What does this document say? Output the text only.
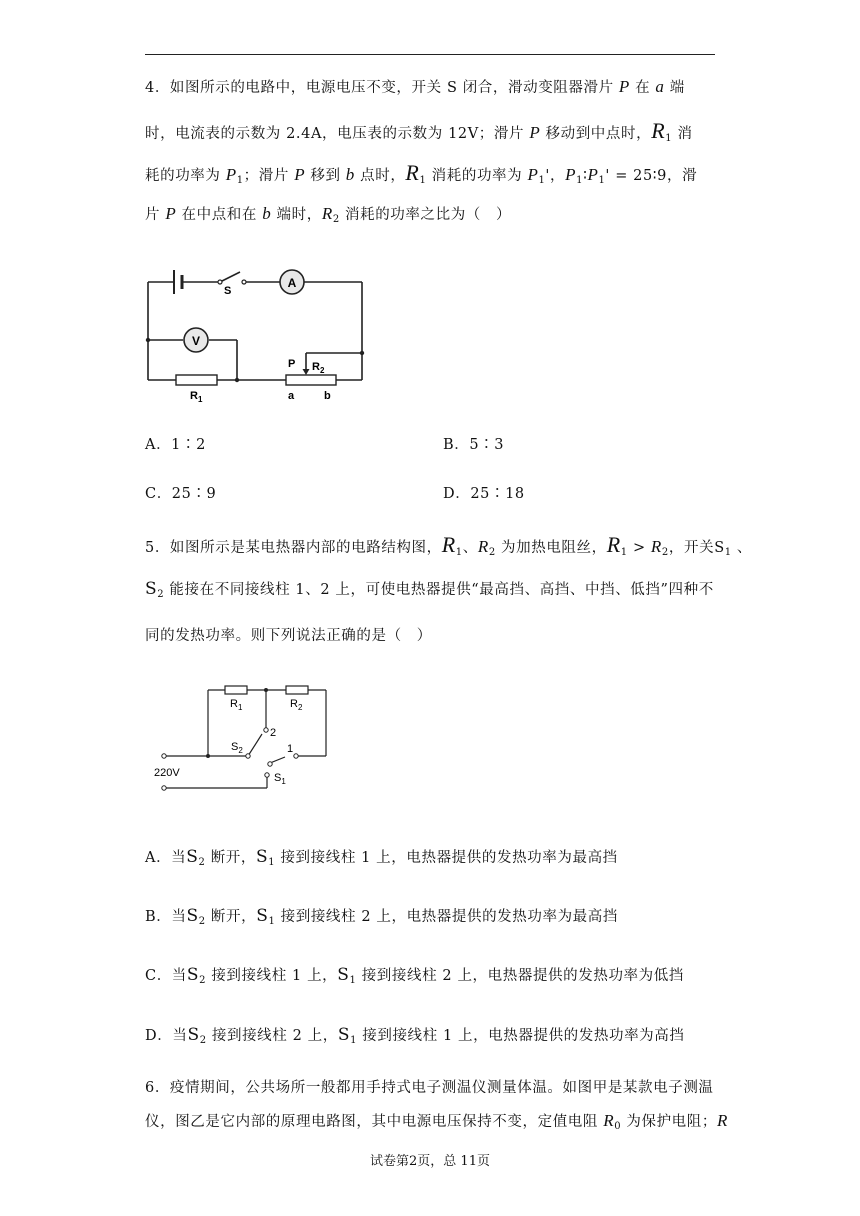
4．如图所示的电路中，电源电压不变，开关 S 闭合，滑动变阻器滑片 P 在 a 端
时，电流表的示数为 2.4A，电压表的示数为 12V；滑片 P 移动到中点时，$R_1$ 消
耗的功率为 $P_1$；滑片 P 移到 b 点时，$R_1$ 消耗的功率为 $P_1'$，$P_1∶P_1'$ = 25∶9，滑
片 P 在中点和在 b 端时，$R_2$ 消耗的功率之比为（　）
A
V
S
P $R_2$
$R_1$	a	b
A．1∶2	B．5∶3
C．25∶9	D．25∶18
5．如图所示是某电热器内部的电路结构图，$R_1$、$R_2$ 为加热电阻丝，$R_1 > R_2$，开关$S_1$ 、
$S_2$ 能接在不同接线柱 1、2 上，可使电热器提供“最高挡、高挡、中挡、低挡”四种不
同的发热功率。则下列说法正确的是（　）
$R_1$	$R_2$
$S_2$
2
1
220V	$S_1$
A．当$S_2$ 断开，$S_1$ 接到接线柱 1 上，电热器提供的发热功率为最高挡
B．当$S_2$ 断开，$S_1$ 接到接线柱 2 上，电热器提供的发热功率为最高挡
C．当$S_2$ 接到接线柱 1 上，$S_1$ 接到接线柱 2 上，电热器提供的发热功率为低挡
D．当$S_2$ 接到接线柱 2 上，$S_1$ 接到接线柱 1 上，电热器提供的发热功率为高挡
6．疫情期间，公共场所一般都用手持式电子测温仪测量体温。如图甲是某款电子测温
仪，图乙是它内部的原理电路图，其中电源电压保持不变，定值电阻 $R_0$ 为保护电阻；R
试卷第2页，总 11页
